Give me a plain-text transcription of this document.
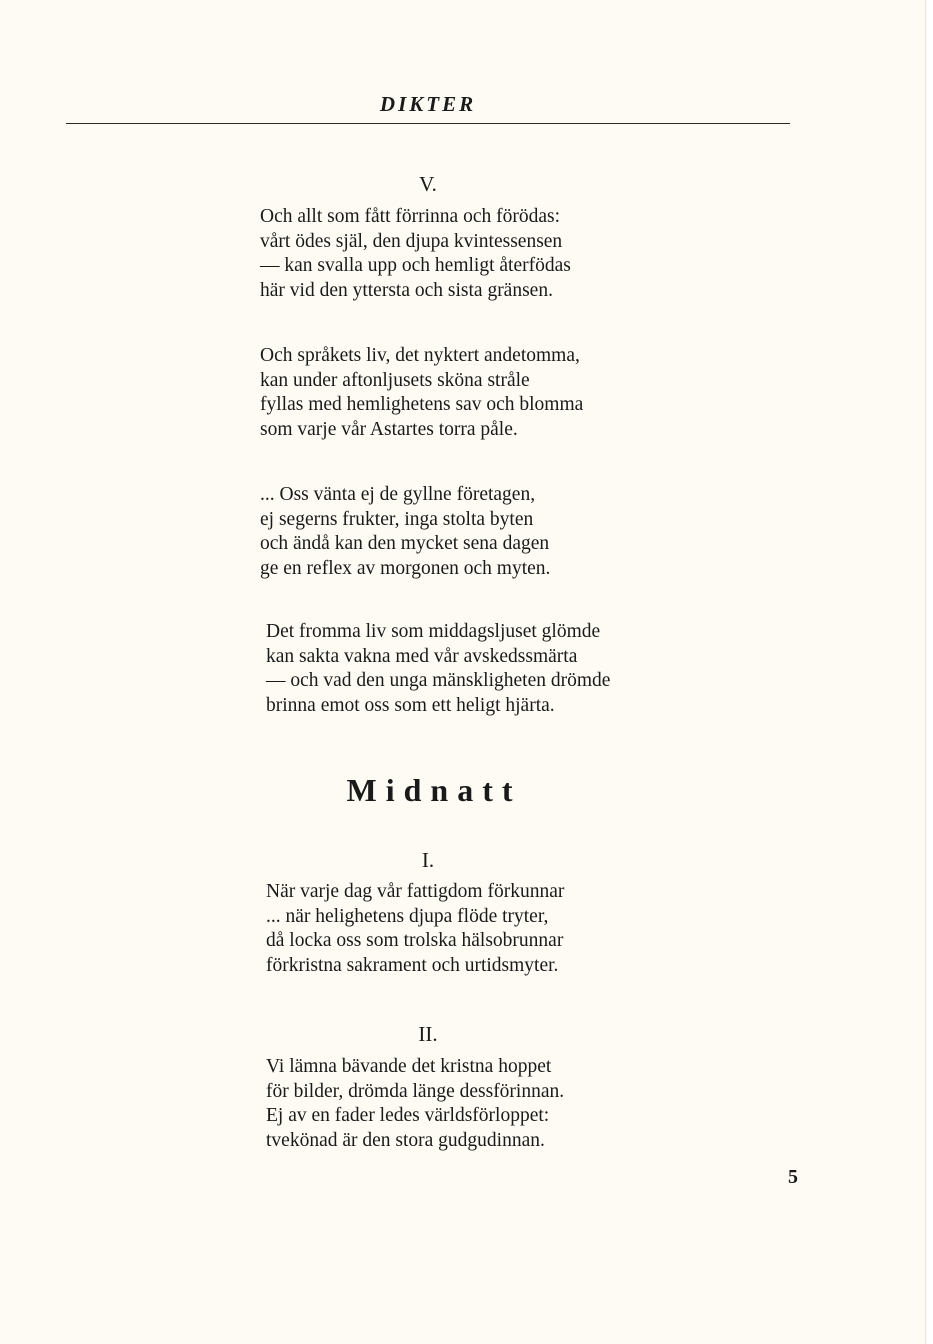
DIKTER
V.
Och allt som fått förrinna och förödas:
vårt ödes själ, den djupa kvintessensen
— kan svalla upp och hemligt återfödas
här vid den yttersta och sista gränsen.
Och språkets liv, det nyktert andetomma,
kan under aftonljusets sköna stråle
fyllas med hemlighetens sav och blomma
som varje vår Astartes torra påle.
... Oss vänta ej de gyllne företagen,
ej segerns frukter, inga stolta byten
och ändå kan den mycket sena dagen
ge en reflex av morgonen och myten.
Det fromma liv som middagsljuset glömde
kan sakta vakna med vår avskedssmärta
— och vad den unga mänskligheten drömde
brinna emot oss som ett heligt hjärta.
Midnatt
I.
När varje dag vår fattigdom förkunnar
... när helighetens djupa flöde tryter,
då locka oss som trolska hälsobrunnar
förkristna sakrament och urtidsmyter.
II.
Vi lämna bävande det kristna hoppet
för bilder, drömda länge dessförinnan.
Ej av en fader ledes världsförloppet:
tvekönad är den stora gudgudinnan.
5
